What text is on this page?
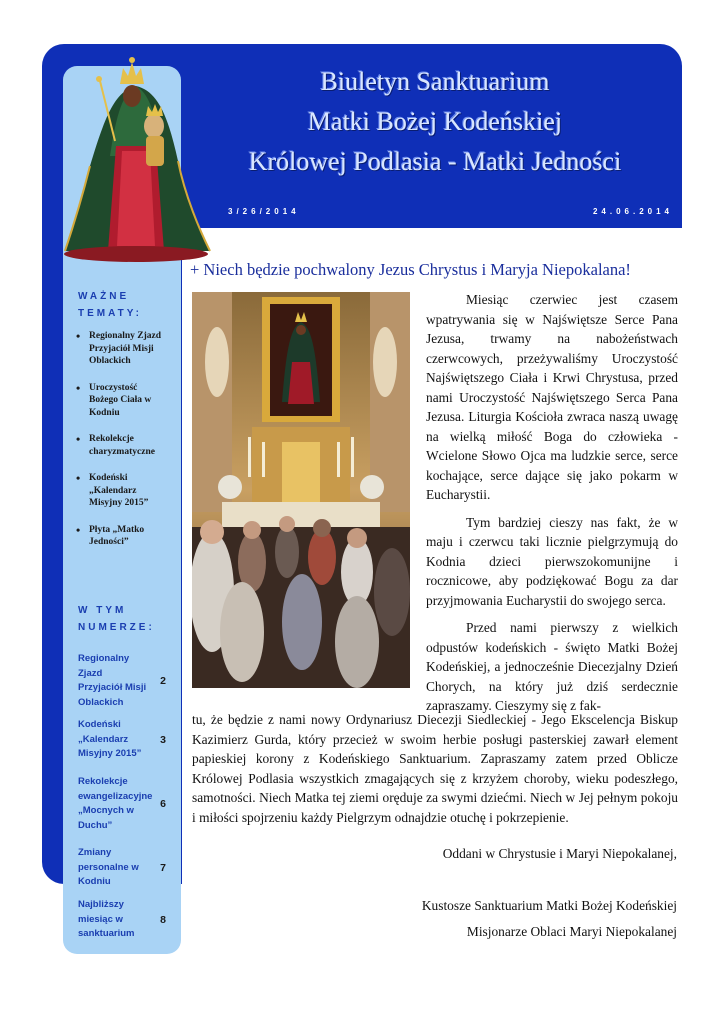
Biuletyn Sanktuarium
Matki Bożej Kodeńskiej
Królowej Podlasia - Matki Jedności
3/26/2014	24.06.2014
+ Niech będzie pochwalony Jezus Chrystus i Maryja Niepokalana!

Miesiąc czerwiec jest czasem wpatrywania się w Najświętsze Serce Pana Jezusa, trwamy na nabożeństwach czerwcowych, przeżywaliśmy Uroczystość Najświętszego Ciała i Krwi Chrystusa, przed nami Uroczystość Najświętszego Serca Pana Jezusa. Liturgia Kościoła zwraca naszą uwagę na wielką miłość Boga do człowieka - Wcielone Słowo Ojca ma ludzkie serce, serce kochające, serce dające się jako pokarm w Eucharystii.

Tym bardziej cieszy nas fakt, że w maju i czerwcu taki licznie pielgrzymują do Kodnia dzieci pierwszokomunijne i rocznicowe, aby podziękować Bogu za dar przyjmowania Eucharystii do swojego serca.

Przed nami pierwszy z wielkich odpustów kodeńskich - święto Matki Bożej Kodeńskiej, a jednocześnie Diecezjalny Dzień Chorych, na który już dziś serdecznie zapraszamy. Cieszymy się z fak-

tu, że będzie z nami nowy Ordynariusz Diecezji Siedleckiej - Jego Ekscelencja Biskup Kazimierz Gurda, który przecież w swoim herbie posługi pasterskiej zawarł element papieskiej korony z Kodeńskiego Sanktuarium. Zapraszamy zatem przed Oblicze Królowej Podlasia wszystkich zmagających się z krzyżem choroby, wieku podeszłego, samotności. Niech Matka tej ziemi oręduje za swymi dziećmi. Niech w Jej pełnym pokoju i miłości spojrzeniu każdy Pielgrzym odnajdzie otuchę i pokrzepienie.
Oddani w Chrystusie i Maryi Niepokalanej,
Kustosze Sanktuarium Matki Bożej Kodeńskiej
Misjonarze Oblaci Maryi Niepokalanej
WAŻNE TEMATY:
• Regionalny Zjazd Przyjaciół Misji Oblackich
• Uroczystość Bożego Ciała w Kodniu
• Rekolekcje charyzmatyczne
• Kodeński „Kalendarz Misyjny 2015”
• Płyta „Matko Jedności”
W TYM NUMERZE:
Regionalny Zjazd Przyjaciół Misji Oblackich
2
Kodeński „Kalendarz Misyjny 2015”
3
Rekolekcje ewangelizacyjne „Mocnych w Duchu”
6
Zmiany personalne w Kodniu
7
Najbliższy miesiąc w sanktuarium
8
